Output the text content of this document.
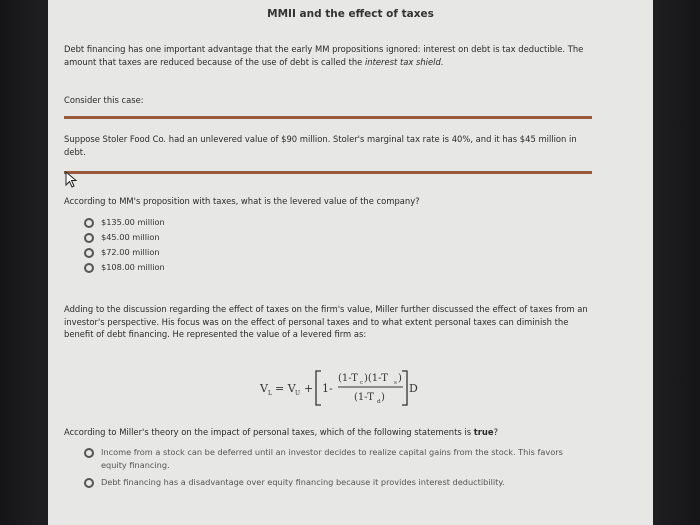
MMII and the effect of taxes
Debt financing has one important advantage that the early MM propositions ignored: interest on debt is tax deductible. The amount that taxes are reduced because of the use of debt is called the interest tax shield.
Consider this case:
Suppose Stoler Food Co. had an unlevered value of $90 million. Stoler's marginal tax rate is 40%, and it has $45 million in debt.
According to MM's proposition with taxes, what is the levered value of the company?
$135.00 million
$45.00 million
$72.00 million
$108.00 million
Adding to the discussion regarding the effect of taxes on the firm's value, Miller further discussed the effect of taxes from an investor's perspective. His focus was on the effect of personal taxes and to what extent personal taxes can diminish the benefit of debt financing. He represented the value of a levered firm as:
V L = V U + 1-
(1-T c )(1-T s )
(1-T d )
D
According to Miller's theory on the impact of personal taxes, which of the following statements is true?
Income from a stock can be deferred until an investor decides to realize capital gains from the stock. This favors equity financing.
Debt financing has a disadvantage over equity financing because it provides interest deductibility.
